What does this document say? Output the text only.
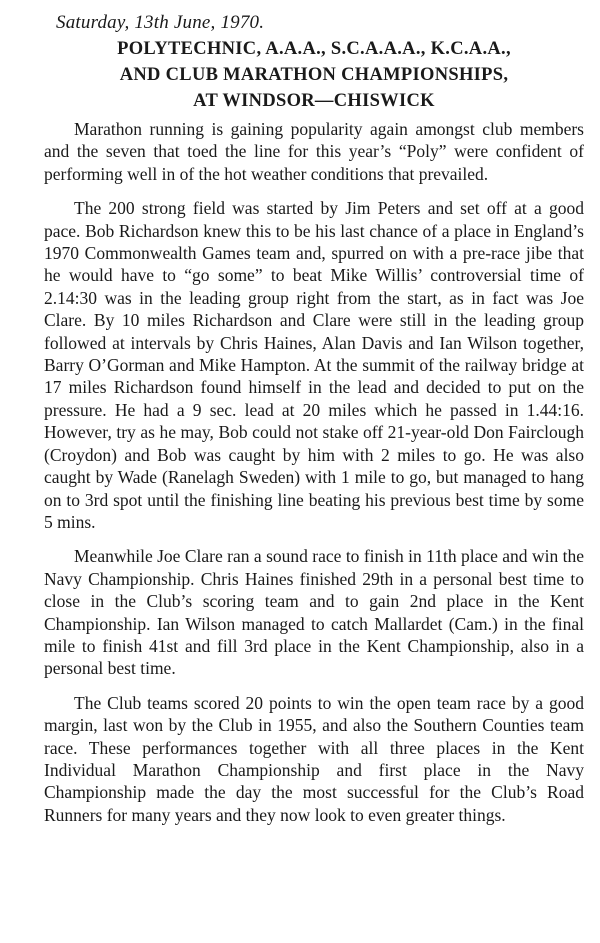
Saturday, 13th June, 1970.
POLYTECHNIC, A.A.A., S.C.A.A.A., K.C.A.A.,
AND CLUB MARATHON CHAMPIONSHIPS,
AT WINDSOR—CHISWICK

Marathon running is gaining popularity again amongst club members and the seven that toed the line for this year’s “Poly” were confident of performing well in of the hot weather conditions that prevailed.

The 200 strong field was started by Jim Peters and set off at a good pace. Bob Richardson knew this to be his last chance of a place in England’s 1970 Commonwealth Games team and, spurred on with a pre-race jibe that he would have to “go some” to beat Mike Willis’ controversial time of 2.14:30 was in the leading group right from the start, as in fact was Joe Clare. By 10 miles Richardson and Clare were still in the leading group followed at intervals by Chris Haines, Alan Davis and Ian Wilson together, Barry O’Gorman and Mike Hampton. At the summit of the railway bridge at 17 miles Richardson found himself in the lead and decided to put on the pressure. He had a 9 sec. lead at 20 miles which he passed in 1.44:16. However, try as he may, Bob could not stake off 21-year-old Don Fairclough (Croydon) and Bob was caught by him with 2 miles to go. He was also caught by Wade (Ranelagh Sweden) with 1 mile to go, but managed to hang on to 3rd spot until the finishing line beating his previous best time by some 5 mins.

Meanwhile Joe Clare ran a sound race to finish in 11th place and win the Navy Championship. Chris Haines finished 29th in a personal best time to close in the Club’s scoring team and to gain 2nd place in the Kent Championship. Ian Wilson managed to catch Mallardet (Cam.) in the final mile to finish 41st and fill 3rd place in the Kent Championship, also in a personal best time.

The Club teams scored 20 points to win the open team race by a good margin, last won by the Club in 1955, and also the Southern Counties team race. These performances together with all three places in the Kent Individual Marathon Championship and first place in the Navy Championship made the day the most successful for the Club’s Road Runners for many years and they now look to even greater things.
